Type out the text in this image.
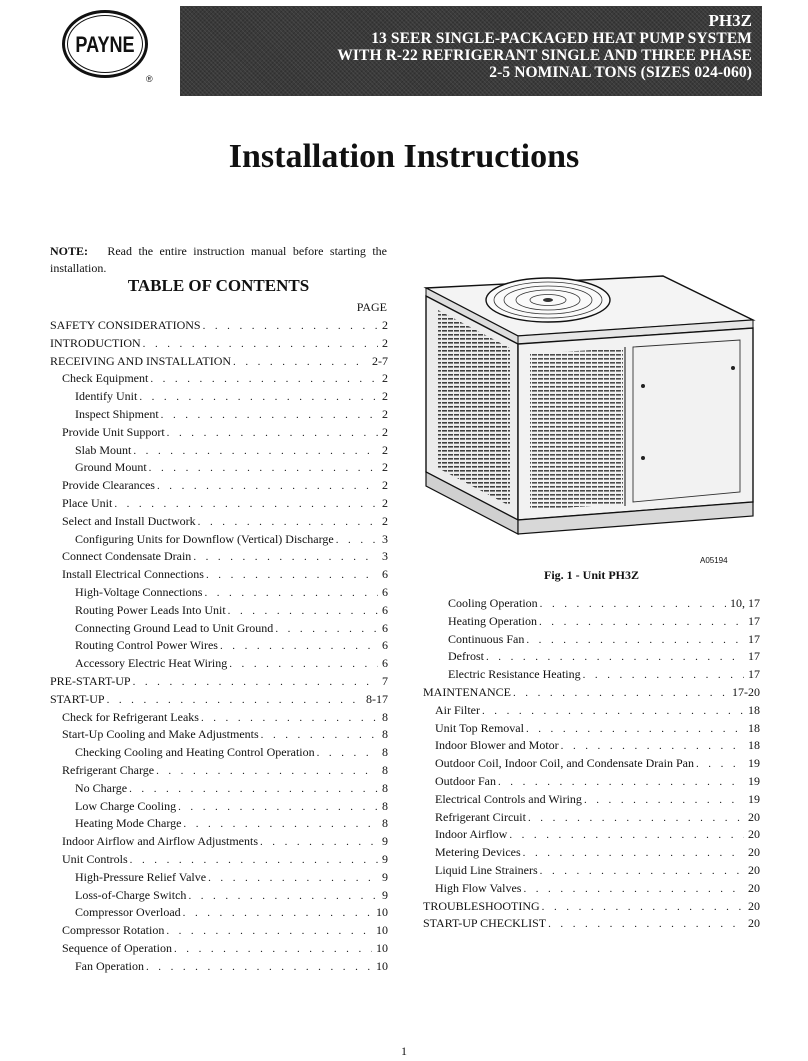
PAYNE
®
PH3Z
13 SEER SINGLE-PACKAGED HEAT PUMP SYSTEM
WITH R-22 REFRIGERANT SINGLE AND THREE PHASE
2-5 NOMINAL TONS (SIZES 024-060)
Installation Instructions
NOTE: Read the entire instruction manual before starting the installation.
TABLE OF CONTENTS
PAGE
SAFETY CONSIDERATIONS . . .	2
INTRODUCTION . . .	2
RECEIVING AND INSTALLATION . . .	2-7
Check Equipment . . .	2
Identify Unit . . .	2
Inspect Shipment . . .	2
Provide Unit Support . . .	2
Slab Mount . . .	2
Ground Mount . . .	2
Provide Clearances . . .	2
Place Unit . . .	2
Select and Install Ductwork . . .	2
Configuring Units for Downflow (Vertical) Discharge . . .	3
Connect Condensate Drain . . .	3
Install Electrical Connections . . .	6
High-Voltage Connections . . .	6
Routing Power Leads Into Unit . . .	6
Connecting Ground Lead to Unit Ground . . .	6
Routing Control Power Wires . . .	6
Accessory Electric Heat Wiring . . .	6
PRE-START-UP . . .	7
START-UP . . .	8-17
Check for Refrigerant Leaks . . .	8
Start-Up Cooling and Make Adjustments . . .	8
Checking Cooling and Heating Control Operation . . .	8
Refrigerant Charge . . .	8
No Charge . . .	8
Low Charge Cooling . . .	8
Heating Mode Charge . . .	8
Indoor Airflow and Airflow Adjustments . . .	9
Unit Controls . . .	9
High-Pressure Relief Valve . . .	9
Loss-of-Charge Switch . . .	9
Compressor Overload . . .	10
Compressor Rotation . . .	10
Sequence of Operation . . .	10
Fan Operation . . .	10
A05194
Fig. 1 - Unit PH3Z
Cooling Operation . . .	10, 17
Heating Operation . . .	17
Continuous Fan . . .	17
Defrost . . .	17
Electric Resistance Heating . . .	17
MAINTENANCE . . .	17-20
Air Filter . . .	18
Unit Top Removal . . .	18
Indoor Blower and Motor . . .	18
Outdoor Coil, Indoor Coil, and Condensate Drain Pan . . .	19
Outdoor Fan . . .	19
Electrical Controls and Wiring . . .	19
Refrigerant Circuit . . .	20
Indoor Airflow . . .	20
Metering Devices . . .	20
Liquid Line Strainers . . .	20
High Flow Valves . . .	20
TROUBLESHOOTING . . .	20
START-UP CHECKLIST . . .	20
1
